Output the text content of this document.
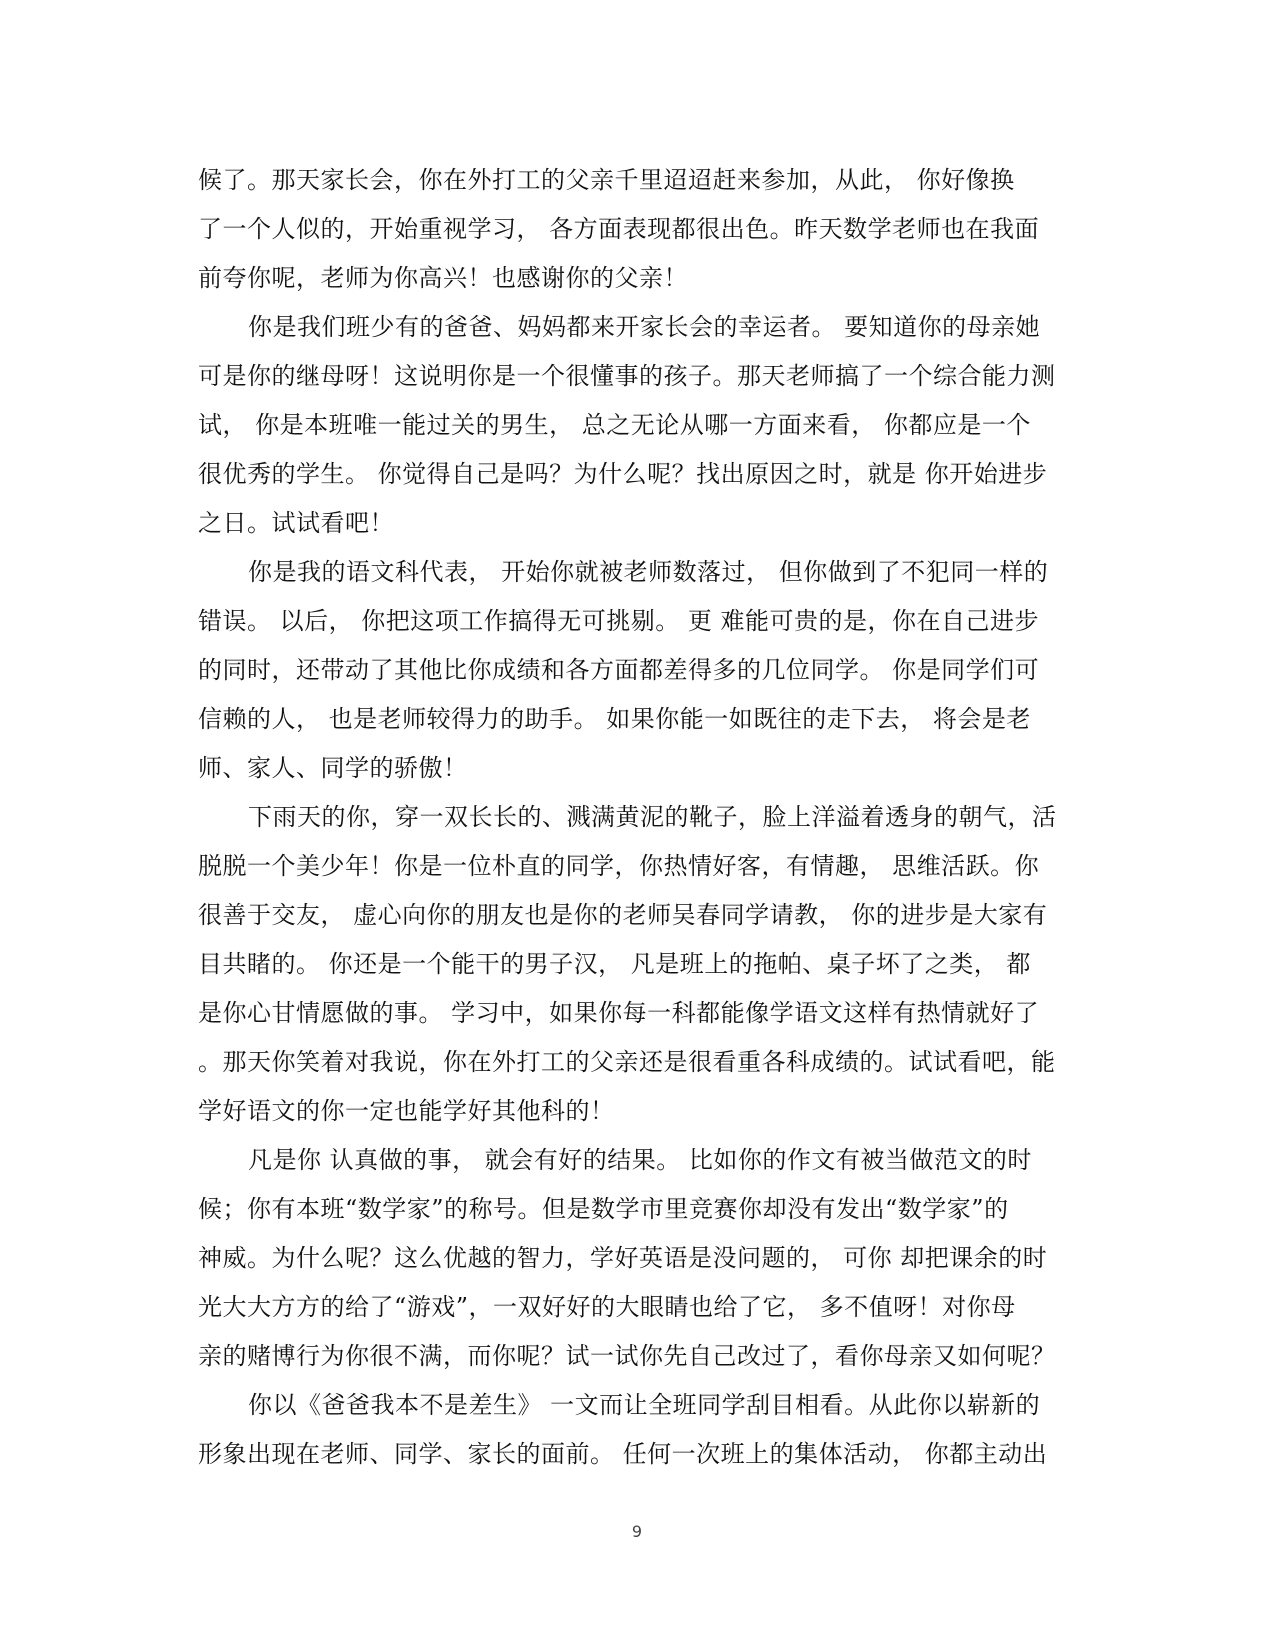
候了。那天家长会，你在外打工的父亲千里迢迢赶来参加，从此， 你好像换
了一个人似的，开始重视学习， 各方面表现都很出色。昨天数学老师也在我面
前夸你呢，老师为你高兴！也感谢你的父亲！
你是我们班少有的爸爸、妈妈都来开家长会的幸运者。 要知道你的母亲她
可是你的继母呀！这说明你是一个很懂事的孩子。那天老师搞了一个综合能力测
试， 你是本班唯一能过关的男生， 总之无论从哪一方面来看， 你都应是一个
很优秀的学生。 你觉得自己是吗？为什么呢？找出原因之时，就是 你开始进步
之日。试试看吧！
你是我的语文科代表， 开始你就被老师数落过， 但你做到了不犯同一样的
错误。 以后， 你把这项工作搞得无可挑剔。 更 难能可贵的是，你在自己进步
的同时，还带动了其他比你成绩和各方面都差得多的几位同学。 你是同学们可
信赖的人， 也是老师较得力的助手。 如果你能一如既往的走下去， 将会是老
师、家人、同学的骄傲！
下雨天的你，穿一双长长的、溅满黄泥的靴子，脸上洋溢着透身的朝气，活
脱脱一个美少年！你是一位朴直的同学，你热情好客，有情趣， 思维活跃。你
很善于交友， 虚心向你的朋友也是你的老师吴春同学请教， 你的进步是大家有
目共睹的。 你还是一个能干的男子汉， 凡是班上的拖帕、桌子坏了之类， 都
是你心甘情愿做的事。 学习中，如果你每一科都能像学语文这样有热情就好了
。那天你笑着对我说，你在外打工的父亲还是很看重各科成绩的。试试看吧，能
学好语文的你一定也能学好其他科的！
凡是你 认真做的事， 就会有好的结果。 比如你的作文有被当做范文的时
候；你有本班“数学家”的称号。但是数学市里竞赛你却没有发出“数学家”的
神威。为什么呢？这么优越的智力，学好英语是没问题的， 可你 却把课余的时
光大大方方的给了“游戏”，一双好好的大眼睛也给了它， 多不值呀！对你母
亲的赌博行为你很不满，而你呢？试一试你先自己改过了，看你母亲又如何呢？
你以《爸爸我本不是差生》 一文而让全班同学刮目相看。从此你以崭新的
形象出现在老师、同学、家长的面前。 任何一次班上的集体活动， 你都主动出
9
